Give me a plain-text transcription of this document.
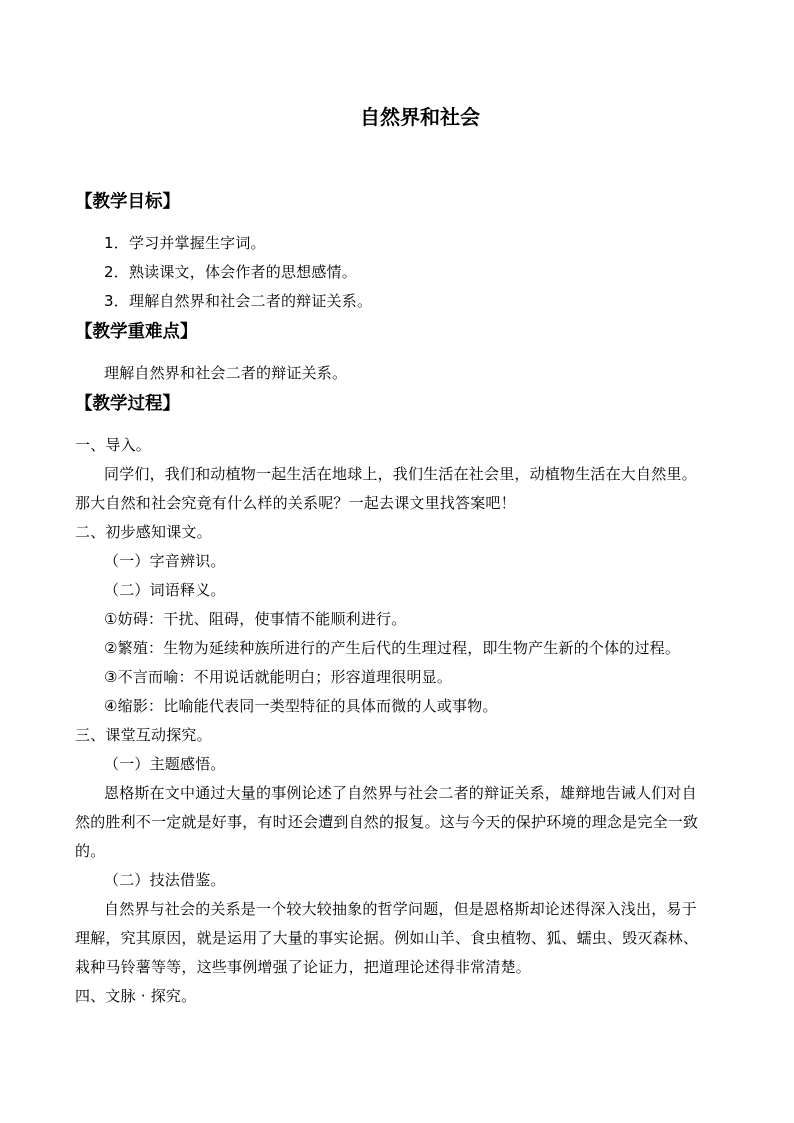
自然界和社会
【教学目标】
1．学习并掌握生字词。
2．熟读课文，体会作者的思想感情。
3．理解自然界和社会二者的辩证关系。
【教学重难点】
理解自然界和社会二者的辩证关系。
【教学过程】
一、导入。
同学们，我们和动植物一起生活在地球上，我们生活在社会里，动植物生活在大自然里。
那大自然和社会究竟有什么样的关系呢？一起去课文里找答案吧！
二、初步感知课文。
（一）字音辨识。
（二）词语释义。
①妨碍：干扰、阻碍，使事情不能顺利进行。
②繁殖：生物为延续种族所进行的产生后代的生理过程，即生物产生新的个体的过程。
③不言而喻：不用说话就能明白；形容道理很明显。
④缩影：比喻能代表同一类型特征的具体而微的人或事物。
三、课堂互动探究。
（一）主题感悟。
恩格斯在文中通过大量的事例论述了自然界与社会二者的辩证关系，雄辩地告诫人们对自
然的胜利不一定就是好事，有时还会遭到自然的报复。这与今天的保护环境的理念是完全一致
的。
（二）技法借鉴。
自然界与社会的关系是一个较大较抽象的哲学问题，但是恩格斯却论述得深入浅出，易于
理解，究其原因，就是运用了大量的事实论据。例如山羊、食虫植物、狐、蠕虫、毁灭森林、
栽种马铃薯等等，这些事例增强了论证力，把道理论述得非常清楚。
四、文脉 · 探究。
